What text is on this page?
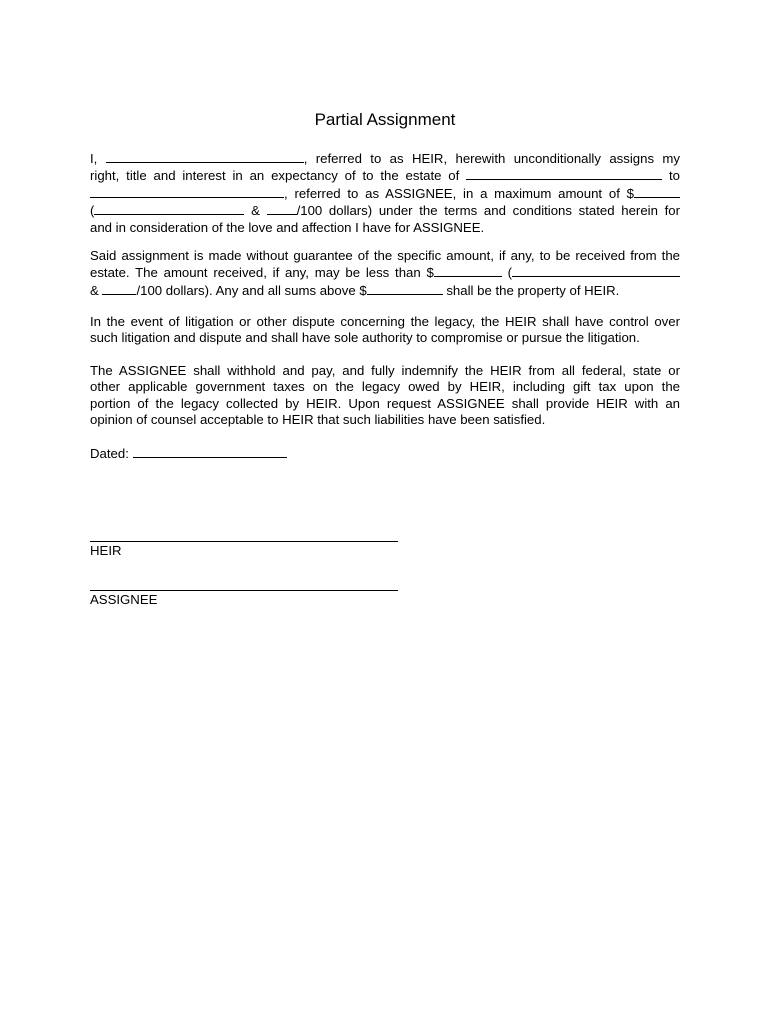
Partial Assignment
I,	, referred to as HEIR, herewith unconditionally assigns my
right, title and interest in an expectancy of to the estate of	to
, referred to as ASSIGNEE, in a maximum amount of $
(	&	/100 dollars) under the terms and conditions stated herein for
and in consideration of the love and affection I have for ASSIGNEE.
Said assignment is made without guarantee of the specific amount, if any, to be received from the
estate. The amount received, if any, may be less than $	(
&	/100 dollars). Any and all sums above $	shall be the property of HEIR.
In the event of litigation or other dispute concerning the legacy, the HEIR shall have control over
such litigation and dispute and shall have sole authority to compromise or pursue the litigation.
The ASSIGNEE shall withhold and pay, and fully indemnify the HEIR from all federal, state or
other applicable government taxes on the legacy owed by HEIR, including gift tax upon the
portion of the legacy collected by HEIR. Upon request ASSIGNEE shall provide HEIR with an
opinion of counsel acceptable to HEIR that such liabilities have been satisfied.
Dated:
HEIR
ASSIGNEE
